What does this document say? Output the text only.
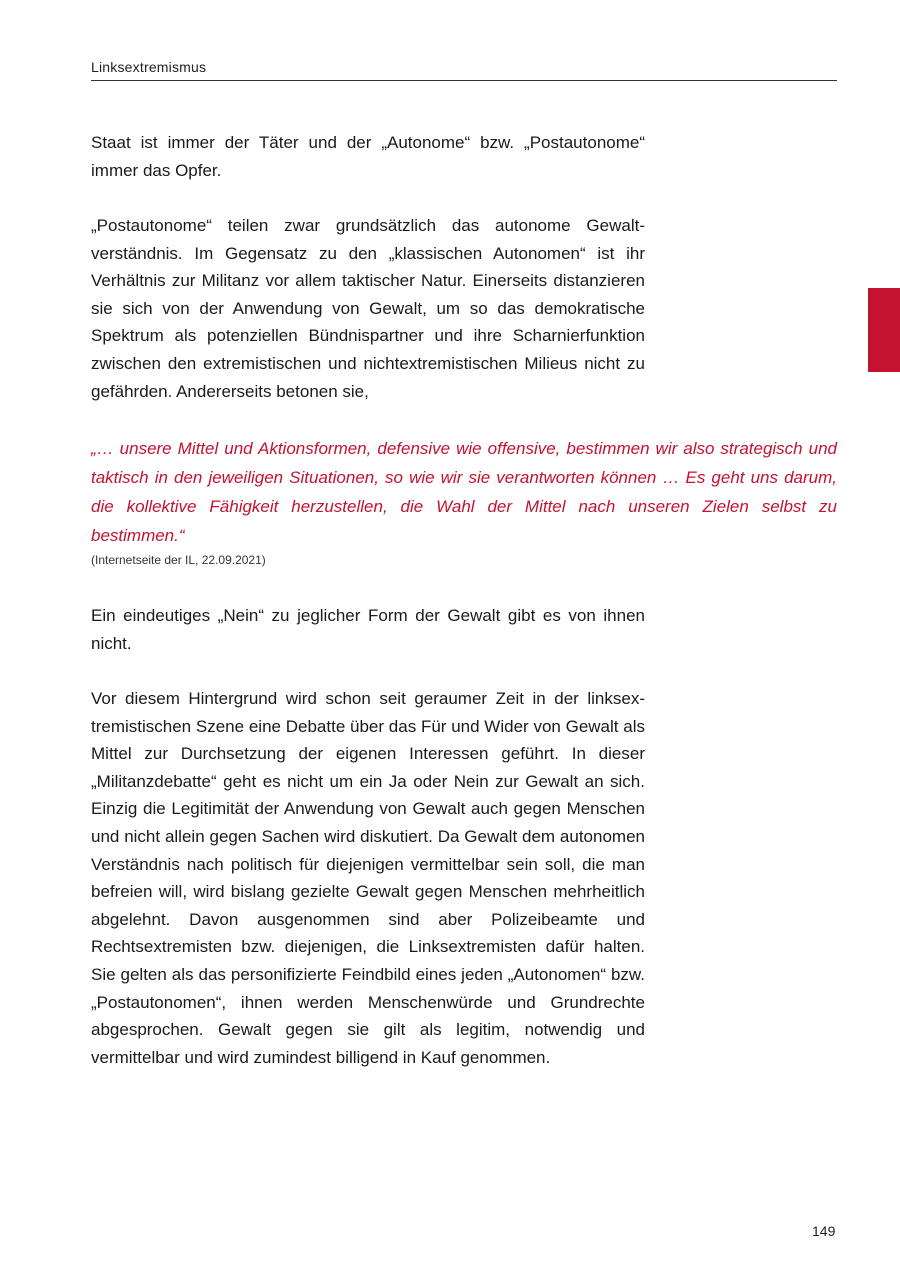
Linksextremismus

Staat ist immer der Täter und der „Autonome“ bzw. „Postautonome“ immer das Opfer.

„Postautonome“ teilen zwar grundsätzlich das autonome Gewaltverständnis. Im Gegensatz zu den „klassischen Autonomen“ ist ihr Verhältnis zur Militanz vor allem taktischer Natur. Einerseits distanzieren sie sich von der Anwendung von Gewalt, um so das demokratische Spektrum als potenziellen Bündnispartner und ihre Scharnierfunktion zwischen den extremistischen und nichtextremistischen Milieus nicht zu gefährden. Andererseits betonen sie,

„… unsere Mittel und Aktionsformen, defensive wie offensive, bestimmen wir also strategisch und taktisch in den jeweiligen Situationen, so wie wir sie verantworten können … Es geht uns darum, die kollektive Fähigkeit herzustellen, die Wahl der Mittel nach unseren Zielen selbst zu bestimmen.“

(Internetseite der IL, 22.09.2021)

Ein eindeutiges „Nein“ zu jeglicher Form der Gewalt gibt es von ihnen nicht.

Vor diesem Hintergrund wird schon seit geraumer Zeit in der linksextremistischen Szene eine Debatte über das Für und Wider von Gewalt als Mittel zur Durchsetzung der eigenen Interessen geführt. In dieser „Militanzdebatte“ geht es nicht um ein Ja oder Nein zur Gewalt an sich. Einzig die Legitimität der Anwendung von Gewalt auch gegen Menschen und nicht allein gegen Sachen wird diskutiert. Da Gewalt dem autonomen Verständnis nach politisch für diejenigen vermittelbar sein soll, die man befreien will, wird bislang gezielte Gewalt gegen Menschen mehrheitlich abgelehnt. Davon ausgenommen sind aber Polizeibeamte und Rechtsextremisten bzw. diejenigen, die Linksextremisten dafür halten. Sie gelten als das personifizierte Feindbild eines jeden „Autonomen“ bzw. „Postautonomen“, ihnen werden Menschenwürde und Grundrechte abgesprochen. Gewalt gegen sie gilt als legitim, notwendig und vermittelbar und wird zumindest billigend in Kauf genommen.

149
